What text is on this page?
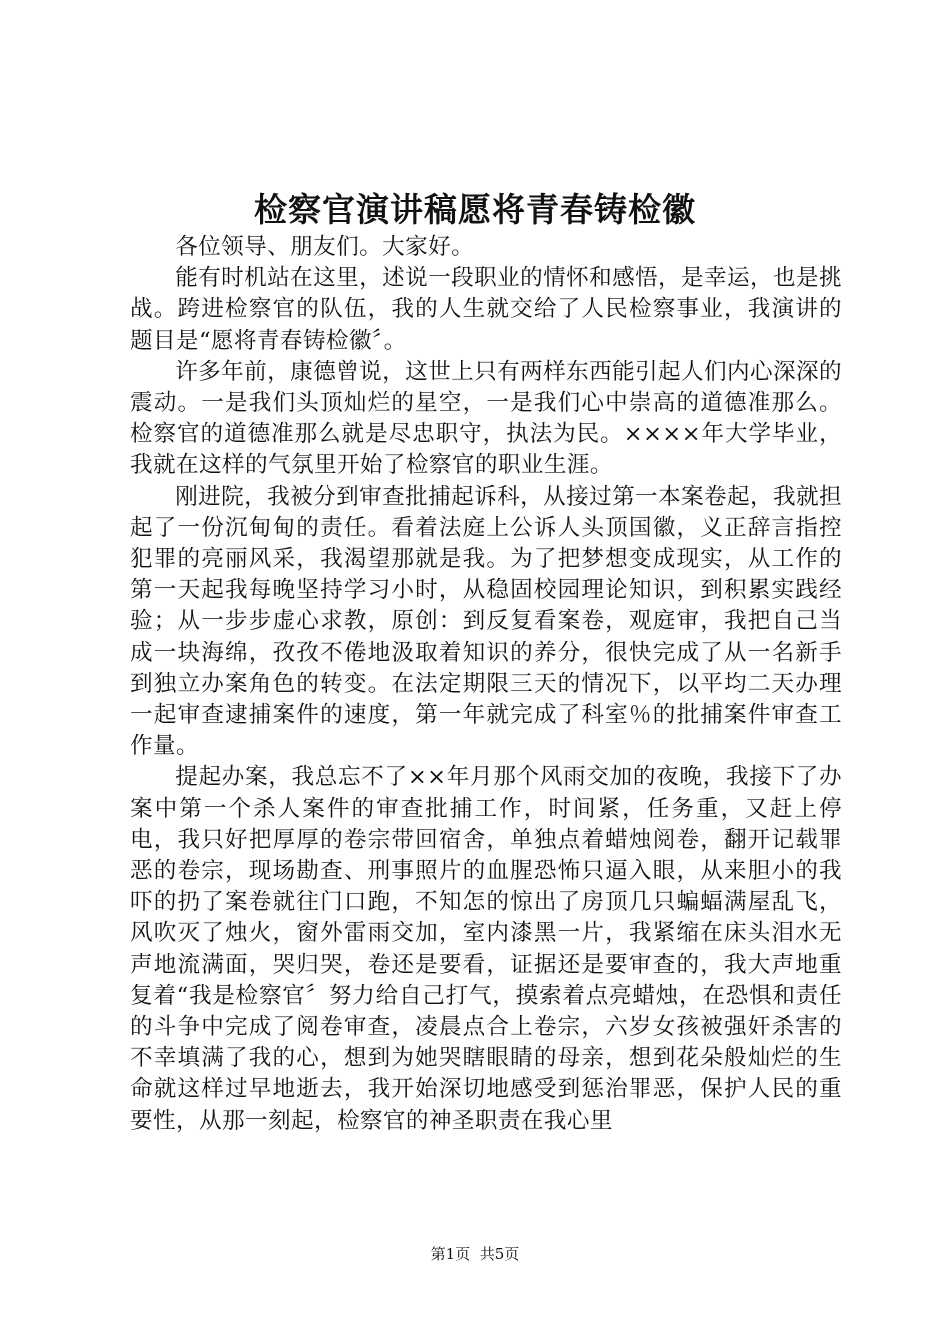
检察官演讲稿愿将青春铸检徽

各位领导、朋友们。大家好。

能有时机站在这里，述说一段职业的情怀和感悟，是幸运，也是挑战。跨进检察官的队伍，我的人生就交给了人民检察事业，我演讲的题目是“愿将青春铸检徽〞。

许多年前，康德曾说，这世上只有两样东西能引起人们内心深深的震动。一是我们头顶灿烂的星空，一是我们心中崇高的道德准那么。检察官的道德准那么就是尽忠职守，执法为民。××××年大学毕业，我就在这样的气氛里开始了检察官的职业生涯。

刚进院，我被分到审查批捕起诉科，从接过第一本案卷起，我就担起了一份沉甸甸的责任。看着法庭上公诉人头顶国徽，义正辞言指控犯罪的亮丽风采，我渴望那就是我。为了把梦想变成现实，从工作的第一天起我每晚坚持学习小时，从稳固校园理论知识，到积累实践经验；从一步步虚心求教，原创：到反复看案卷，观庭审，我把自己当成一块海绵，孜孜不倦地汲取着知识的养分，很快完成了从一名新手到独立办案角色的转变。在法定期限三天的情况下，以平均二天办理一起审查逮捕案件的速度，第一年就完成了科室％的批捕案件审查工作量。

提起办案，我总忘不了××年月那个风雨交加的夜晚，我接下了办案中第一个杀人案件的审查批捕工作，时间紧，任务重，又赶上停电，我只好把厚厚的卷宗带回宿舍，单独点着蜡烛阅卷，翻开记载罪恶的卷宗，现场勘查、刑事照片的血腥恐怖只逼入眼，从来胆小的我吓的扔了案卷就往门口跑，不知怎的惊出了房顶几只蝙蝠满屋乱飞，风吹灭了烛火，窗外雷雨交加，室内漆黑一片，我紧缩在床头泪水无声地流满面，哭归哭，卷还是要看，证据还是要审查的，我大声地重复着“我是检察官〞努力给自己打气，摸索着点亮蜡烛，在恐惧和责任的斗争中完成了阅卷审查，凌晨点合上卷宗，六岁女孩被强奸杀害的不幸填满了我的心，想到为她哭瞎眼睛的母亲，想到花朵般灿烂的生命就这样过早地逝去，我开始深切地感受到惩治罪恶，保护人民的重要性，从那一刻起，检察官的神圣职责在我心里

第1页 共5页
